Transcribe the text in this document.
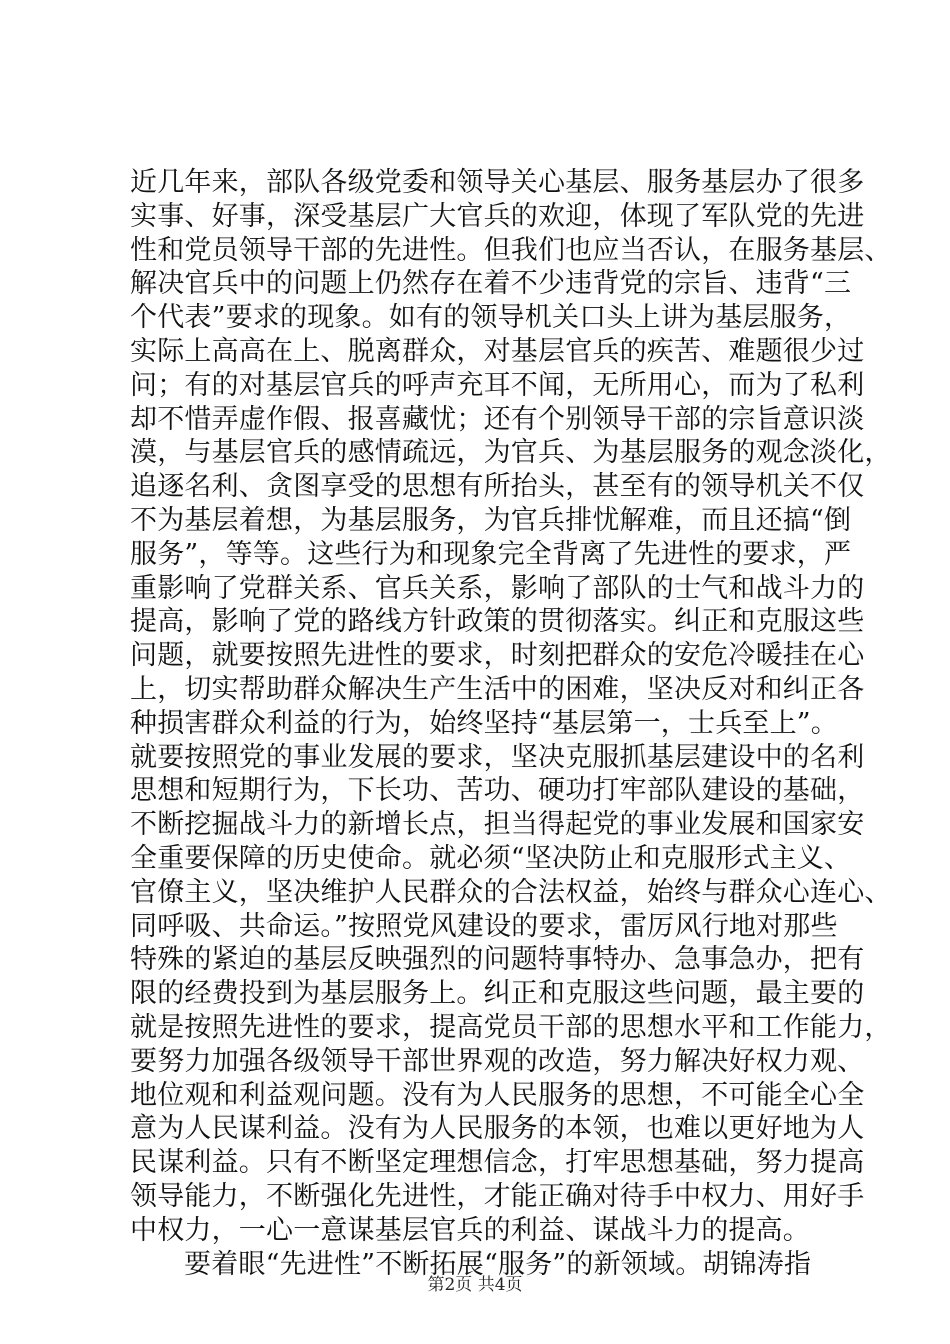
近几年来，部队各级党委和领导关心基层、服务基层办了很多
实事、好事，深受基层广大官兵的欢迎，体现了军队党的先进
性和党员领导干部的先进性。但我们也应当否认，在服务基层、
解决官兵中的问题上仍然存在着不少违背党的宗旨、违背“三
个代表”要求的现象。如有的领导机关口头上讲为基层服务，
实际上高高在上、脱离群众，对基层官兵的疾苦、难题很少过
问；有的对基层官兵的呼声充耳不闻，无所用心，而为了私利
却不惜弄虚作假、报喜藏忧；还有个别领导干部的宗旨意识淡
漠，与基层官兵的感情疏远，为官兵、为基层服务的观念淡化，
追逐名利、贪图享受的思想有所抬头，甚至有的领导机关不仅
不为基层着想，为基层服务，为官兵排忧解难，而且还搞“倒
服务”，等等。这些行为和现象完全背离了先进性的要求，严
重影响了党群关系、官兵关系，影响了部队的士气和战斗力的
提高，影响了党的路线方针政策的贯彻落实。纠正和克服这些
问题，就要按照先进性的要求，时刻把群众的安危冷暖挂在心
上，切实帮助群众解决生产生活中的困难，坚决反对和纠正各
种损害群众利益的行为，始终坚持“基层第一，士兵至上”。
就要按照党的事业发展的要求，坚决克服抓基层建设中的名利
思想和短期行为，下长功、苦功、硬功打牢部队建设的基础，
不断挖掘战斗力的新增长点，担当得起党的事业发展和国家安
全重要保障的历史使命。就必须“坚决防止和克服形式主义、
官僚主义，坚决维护人民群众的合法权益，始终与群众心连心、
同呼吸、共命运。”按照党风建设的要求，雷厉风行地对那些
特殊的紧迫的基层反映强烈的问题特事特办、急事急办，把有
限的经费投到为基层服务上。纠正和克服这些问题，最主要的
就是按照先进性的要求，提高党员干部的思想水平和工作能力，
要努力加强各级领导干部世界观的改造，努力解决好权力观、
地位观和利益观问题。没有为人民服务的思想，不可能全心全
意为人民谋利益。没有为人民服务的本领，也难以更好地为人
民谋利益。只有不断坚定理想信念，打牢思想基础，努力提高
领导能力，不断强化先进性，才能正确对待手中权力、用好手
中权力，一心一意谋基层官兵的利益、谋战斗力的提高。
要着眼“先进性”不断拓展“服务”的新领域。胡锦涛指
第2页 共4页
